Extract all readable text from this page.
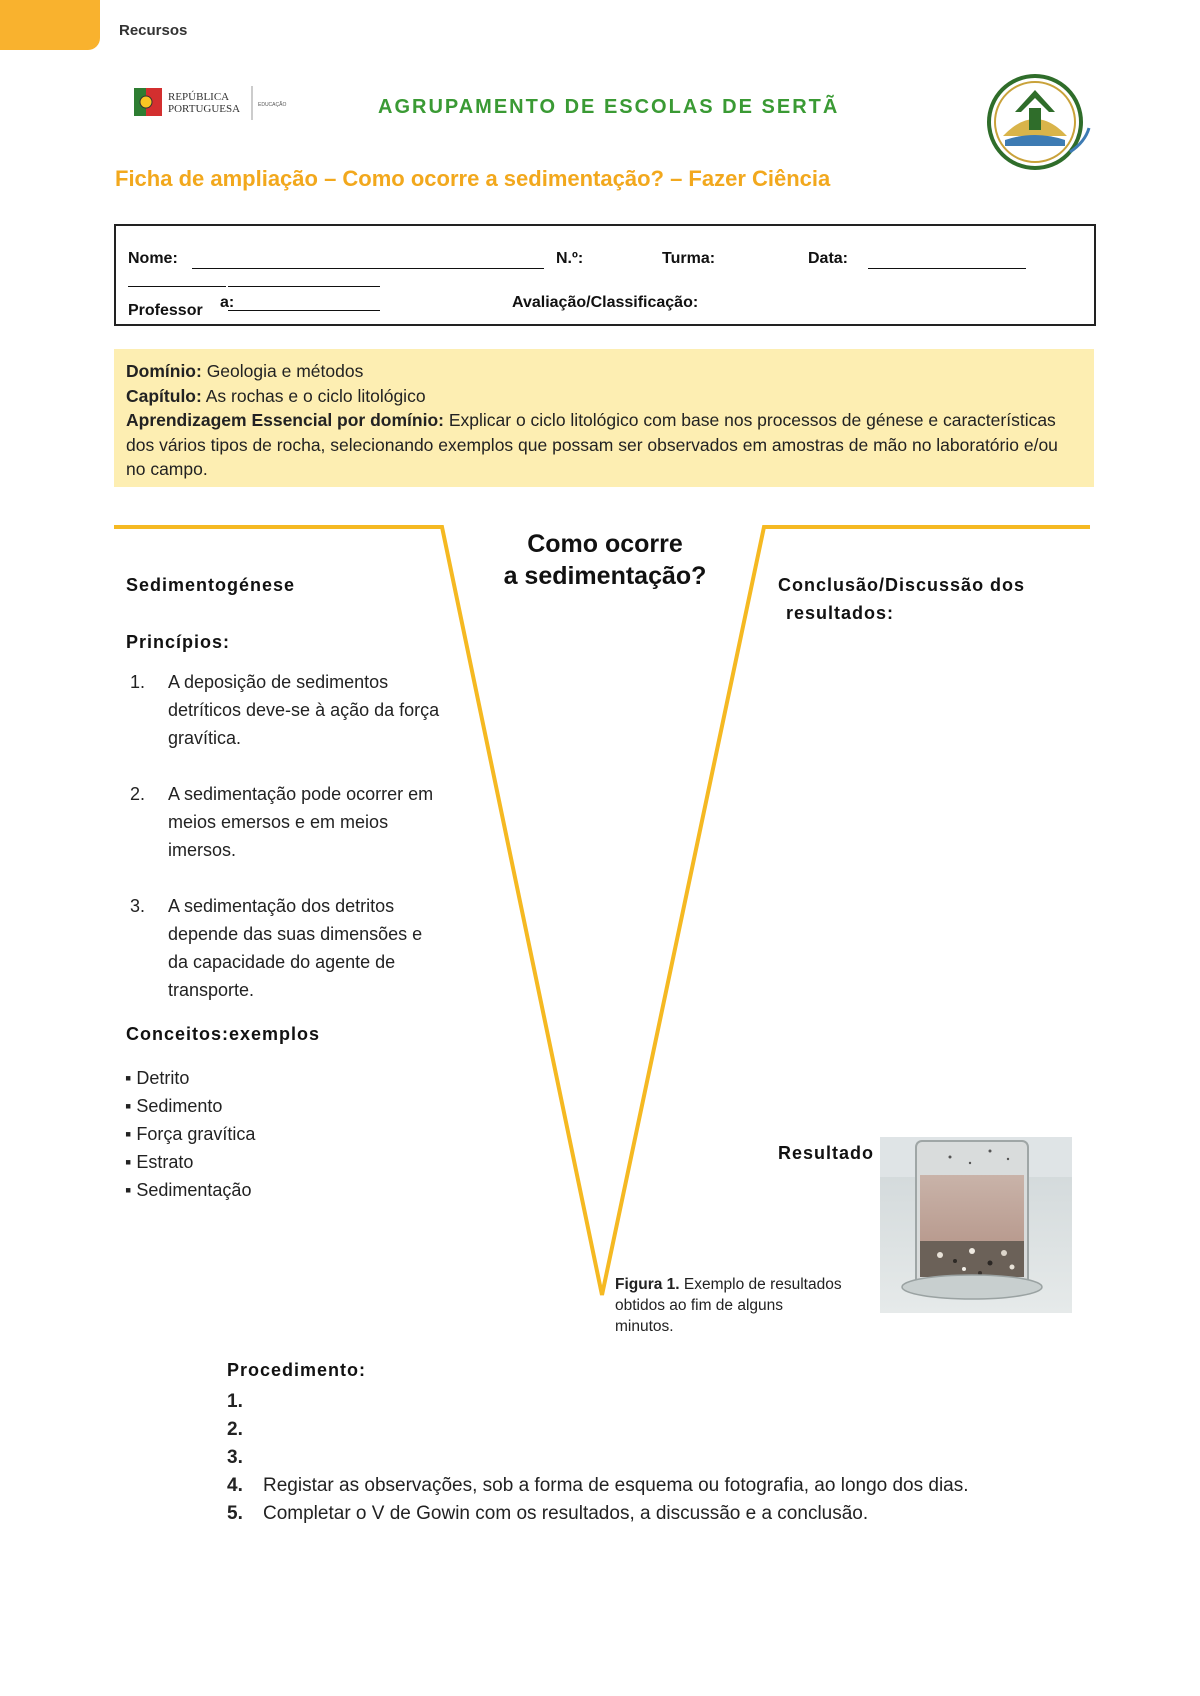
Recursos
REPÚBLICA
PORTUGUESA	EDUCAÇÃO	AGRUPAMENTO DE ESCOLAS DE SERTÃ
Ficha de ampliação – Como ocorre a sedimentação? – Fazer Ciência
Nome:	N.º:	Turma:	Data:
Professor a:	Avaliação/Classificação:
Domínio: Geologia e métodos
Capítulo: As rochas e o ciclo litológico
Aprendizagem Essencial por domínio: Explicar o ciclo litológico com base nos processos de génese e características dos vários tipos de rocha, selecionando exemplos que possam ser observados em amostras de mão no laboratório e/ou no campo.
Como ocorre
a sedimentação?
Sedimentogénese
Princípios:
1. A deposição de sedimentos detríticos deve-se à ação da força gravítica.
2. A sedimentação pode ocorrer em meios emersos e em meios imersos.
3. A sedimentação dos detritos depende das suas dimensões e da capacidade do agente de transporte.
Conceitos:exemplos
▪ Detrito
▪ Sedimento
▪ Força gravítica
▪ Estrato
▪ Sedimentação
Conclusão/Discussão dos
resultados:
Resultado
Figura 1. Exemplo de resultados obtidos ao fim de alguns minutos.
Procedimento:
1.

2.

3.

4. Registar as observações, sob a forma de esquema ou fotografia, ao longo dos dias.
5. Completar o V de Gowin com os resultados, a discussão e a conclusão.
